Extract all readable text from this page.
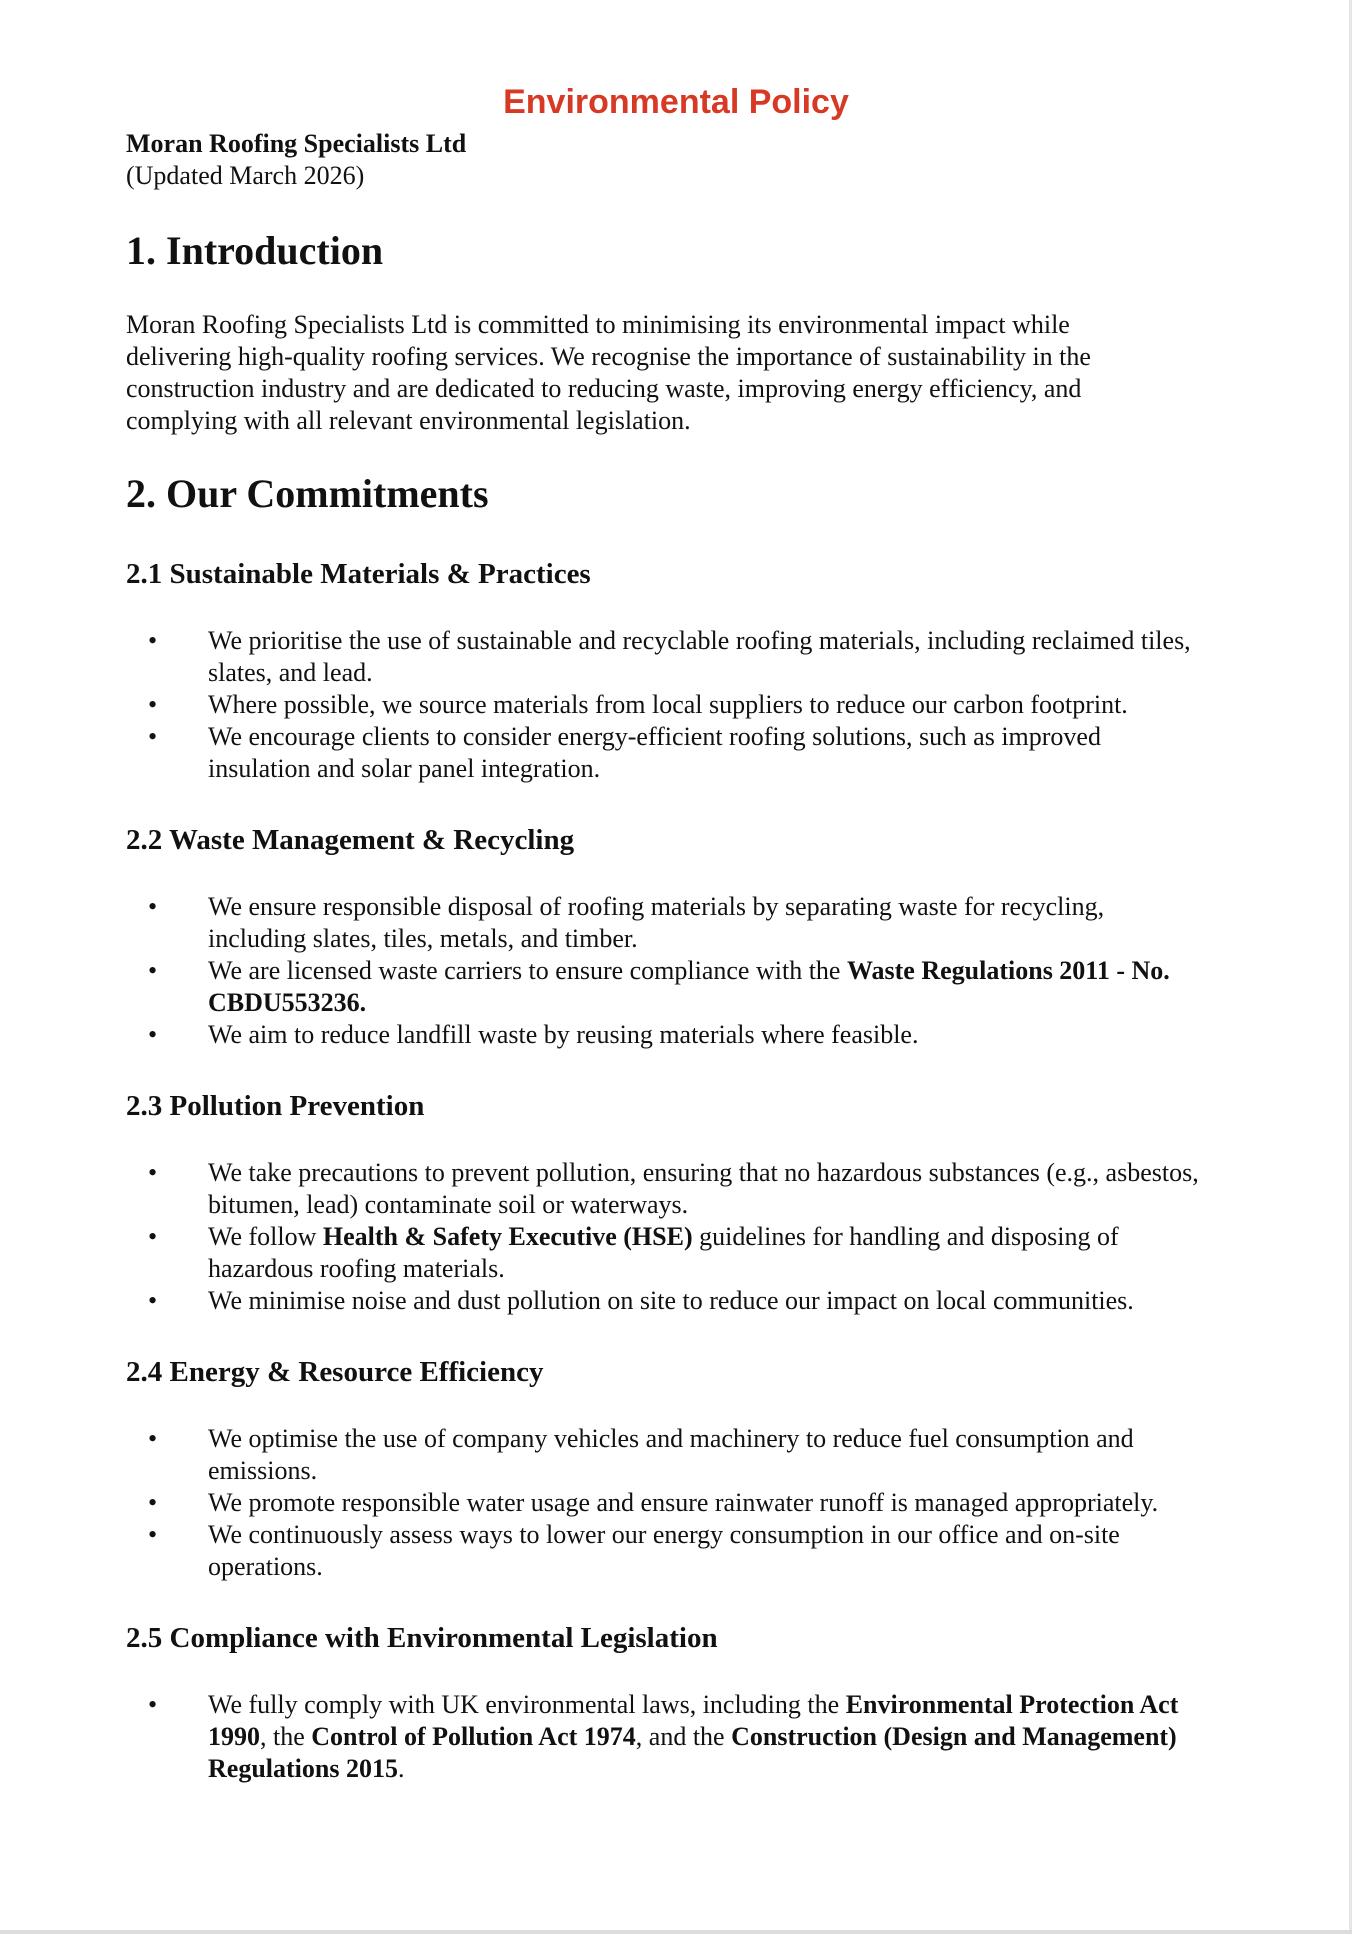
Environmental Policy
Moran Roofing Specialists Ltd
(Updated March 2026)
1. Introduction
Moran Roofing Specialists Ltd is committed to minimising its environmental impact while delivering high-quality roofing services. We recognise the importance of sustainability in the construction industry and are dedicated to reducing waste, improving energy efficiency, and complying with all relevant environmental legislation.
2. Our Commitments
2.1 Sustainable Materials & Practices
• We prioritise the use of sustainable and recyclable roofing materials, including reclaimed tiles, slates, and lead.
• Where possible, we source materials from local suppliers to reduce our carbon footprint.
• We encourage clients to consider energy-efficient roofing solutions, such as improved insulation and solar panel integration.
2.2 Waste Management & Recycling
• We ensure responsible disposal of roofing materials by separating waste for recycling, including slates, tiles, metals, and timber.
• We are licensed waste carriers to ensure compliance with the Waste Regulations 2011 - No. CBDU553236.
• We aim to reduce landfill waste by reusing materials where feasible.
2.3 Pollution Prevention
• We take precautions to prevent pollution, ensuring that no hazardous substances (e.g., asbestos, bitumen, lead) contaminate soil or waterways.
• We follow Health & Safety Executive (HSE) guidelines for handling and disposing of hazardous roofing materials.
• We minimise noise and dust pollution on site to reduce our impact on local communities.
2.4 Energy & Resource Efficiency
• We optimise the use of company vehicles and machinery to reduce fuel consumption and emissions.
• We promote responsible water usage and ensure rainwater runoff is managed appropriately.
• We continuously assess ways to lower our energy consumption in our office and on-site operations.
2.5 Compliance with Environmental Legislation
• We fully comply with UK environmental laws, including the Environmental Protection Act 1990, the Control of Pollution Act 1974, and the Construction (Design and Management) Regulations 2015.
